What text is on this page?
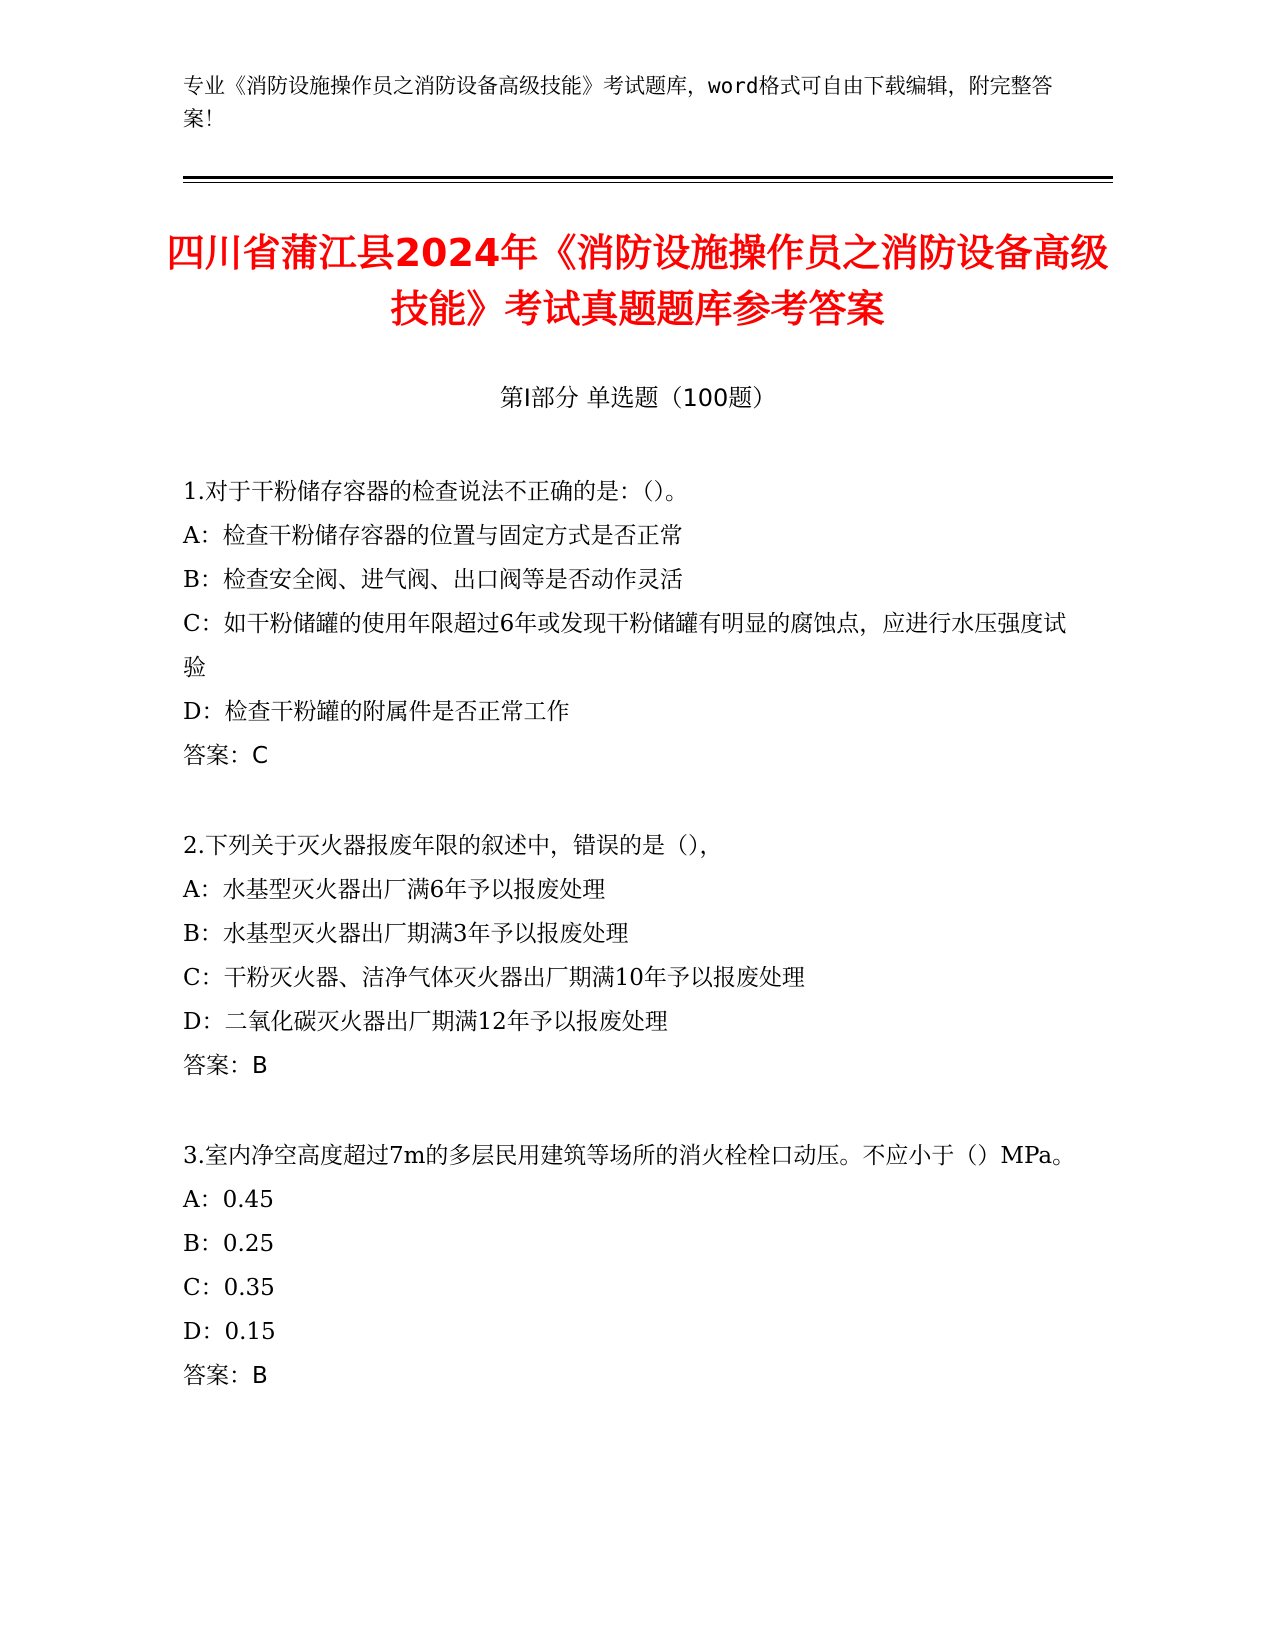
专业《消防设施操作员之消防设备高级技能》考试题库，word格式可自由下载编辑，附完整答案！
四川省蒲江县2024年《消防设施操作员之消防设备高级技能》考试真题题库参考答案
第Ⅰ部分 单选题（100题）
1.对于干粉储存容器的检查说法不正确的是：（）。
A：检查干粉储存容器的位置与固定方式是否正常
B：检查安全阀、进气阀、出口阀等是否动作灵活
C：如干粉储罐的使用年限超过6年或发现干粉储罐有明显的腐蚀点，应进行水压强度试验
D：检查干粉罐的附属件是否正常工作
答案：C
2.下列关于灭火器报废年限的叙述中，错误的是（），
A：水基型灭火器出厂满6年予以报废处理
B：水基型灭火器出厂期满3年予以报废处理
C：干粉灭火器、洁净气体灭火器出厂期满10年予以报废处理
D：二氧化碳灭火器出厂期满12年予以报废处理
答案：B
3.室内净空高度超过7m的多层民用建筑等场所的消火栓栓口动压。不应小于（）MPa。
A：0.45
B：0.25
C：0.35
D：0.15
答案：B
